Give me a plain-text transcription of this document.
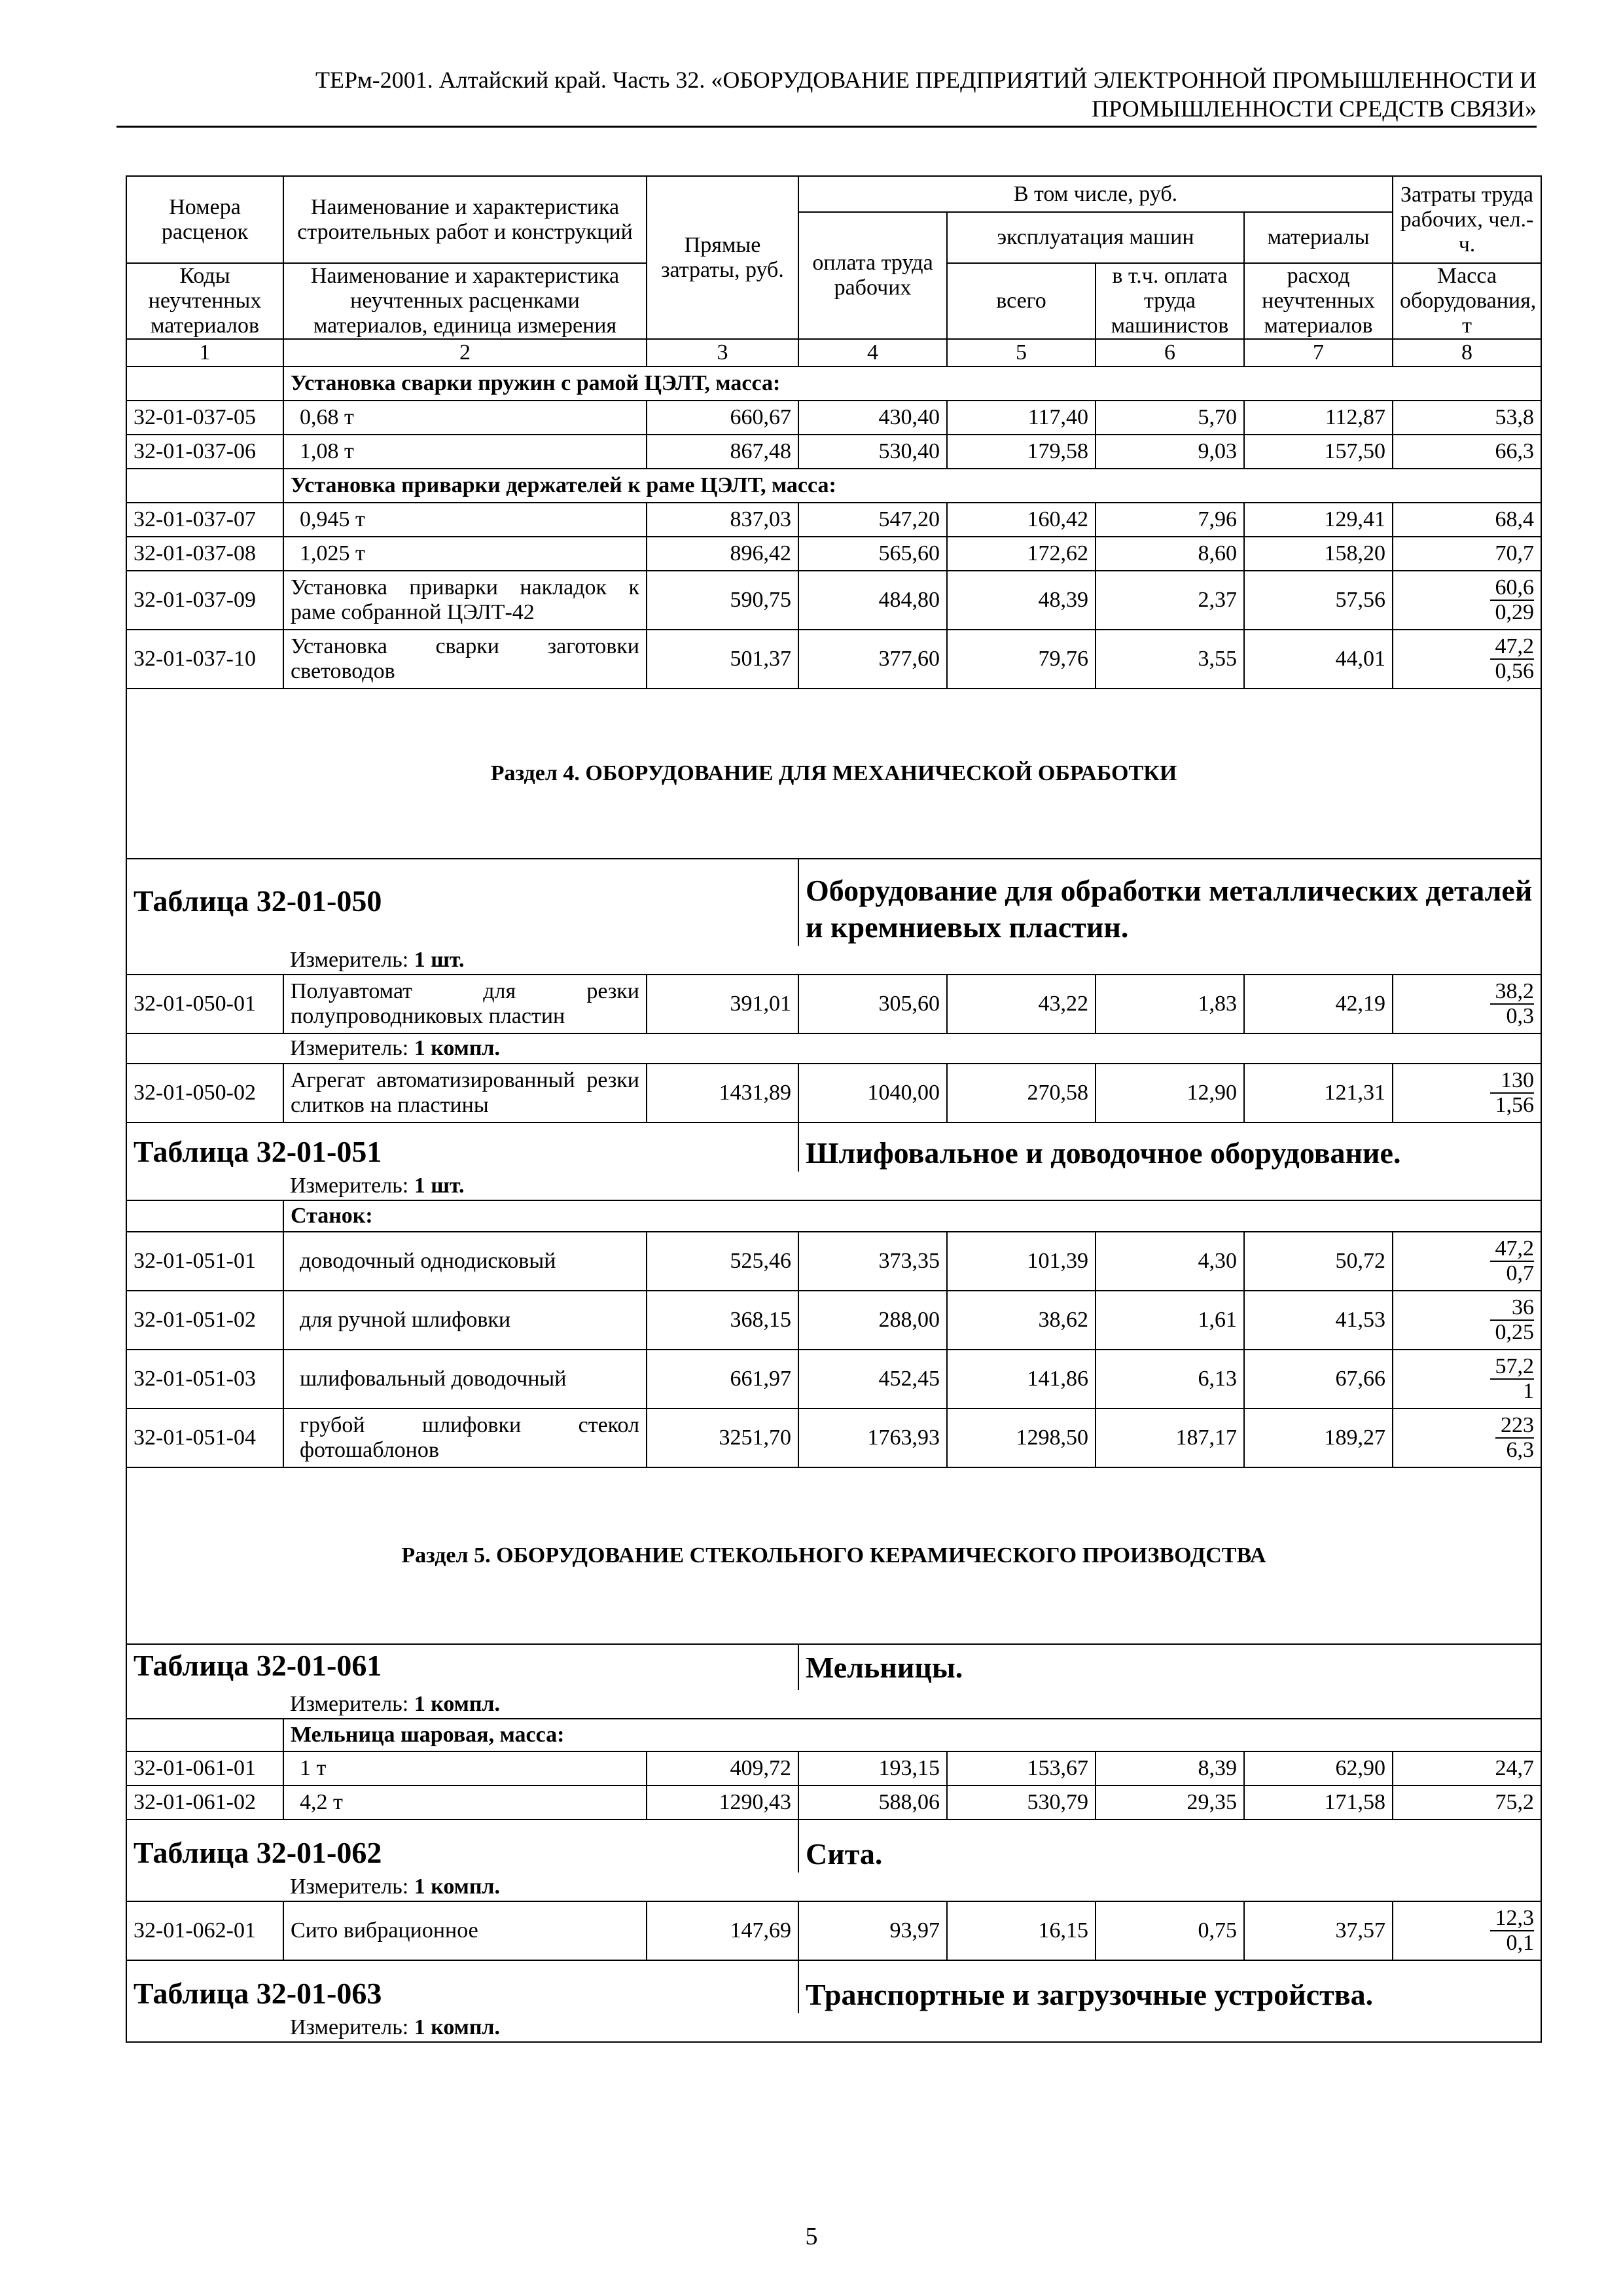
ТЕРм-2001. Алтайский край. Часть 32. «ОБОРУДОВАНИЕ ПРЕДПРИЯТИЙ ЭЛЕКТРОННОЙ ПРОМЫШЛЕННОСТИ И
ПРОМЫШЛЕННОСТИ СРЕДСТВ СВЯЗИ»
Номера расценок	Наименование и характеристика строительных работ и конструкций	Прямые затраты, руб.	В том числе, руб.				Затраты труда рабочих, чел.-ч.
			оплата труда рабочих	эксплуатация машин		материалы	
Коды неучтенных материалов	Наименование и характеристика неучтенных расценками материалов, единица измерения			всего	в т.ч. оплата труда машинистов	расход неучтенных материалов	Масса оборудования, т
1	2	3	4	5	6	7	8
	Установка сварки пружин с рамой ЦЭЛТ, масса:						
32-01-037-05	0,68 т	660,67	430,40	117,40	5,70	112,87	53,8
32-01-037-06	1,08 т	867,48	530,40	179,58	9,03	157,50	66,3
	Установка приварки держателей к раме ЦЭЛТ, масса:						
32-01-037-07	0,945 т	837,03	547,20	160,42	7,96	129,41	68,4
32-01-037-08	1,025 т	896,42	565,60	172,62	8,60	158,20	70,7
32-01-037-09	Установка приварки накладок к раме собранной ЦЭЛТ-42	590,75	484,80	48,39	2,37	57,56	$\frac{60,6}{0,29}$

32-01-037-10	Установка сварки заготовки световодов	501,37	377,60	79,76	3,55	44,01	$\frac{47,2}{0,56}$

Раздел 4. ОБОРУДОВАНИЕ ДЛЯ МЕХАНИЧЕСКОЙ ОБРАБОТКИ							
Таблица 32-01-050			Оборудование для обработки металлических деталей
и кремниевых пластин.				

	Измеритель: 1 шт.						
32-01-050-01	Полуавтомат для резки полупроводниковых пластин	391,01	305,60	43,22	1,83	42,19	$\frac{38,2}{0,3}$

	Измеритель: 1 компл.						
32-01-050-02	Агрегат автоматизированный резки слитков на пластины	1431,89	1040,00	270,58	12,90	121,31	$\frac{130}{1,56}$

Таблица 32-01-051			Шлифовальное и доводочное оборудование.				
	Измеритель: 1 шт.						
	Станок:						
32-01-051-01	доводочный однодисковый	525,46	373,35	101,39	4,30	50,72	$\frac{47,2}{0,7}$

32-01-051-02	для ручной шлифовки	368,15	288,00	38,62	1,61	41,53	$\frac{36}{0,25}$

32-01-051-03	шлифовальный доводочный	661,97	452,45	141,86	6,13	67,66	$\frac{57,2}{1}$

32-01-051-04	грубой шлифовки стекол фотошаблонов	3251,70	1763,93	1298,50	187,17	189,27	$\frac{223}{6,3}$

Раздел 5. ОБОРУДОВАНИЕ СТЕКОЛЬНОГО КЕРАМИЧЕСКОГО ПРОИЗВОДСТВА							
Таблица 32-01-061			Мельницы.				
	Измеритель: 1 компл.						
	Мельница шаровая, масса:						
32-01-061-01	1 т	409,72	193,15	153,67	8,39	62,90	24,7
32-01-061-02	4,2 т	1290,43	588,06	530,79	29,35	171,58	75,2
Таблица 32-01-062			Сита.				
	Измеритель: 1 компл.						
32-01-062-01	Сито вибрационное	147,69	93,97	16,15	0,75	37,57	$\frac{12,3}{0,1}$

Таблица 32-01-063			Транспортные и загрузочные устройства.				
	Измеритель: 1 компл.						
5
